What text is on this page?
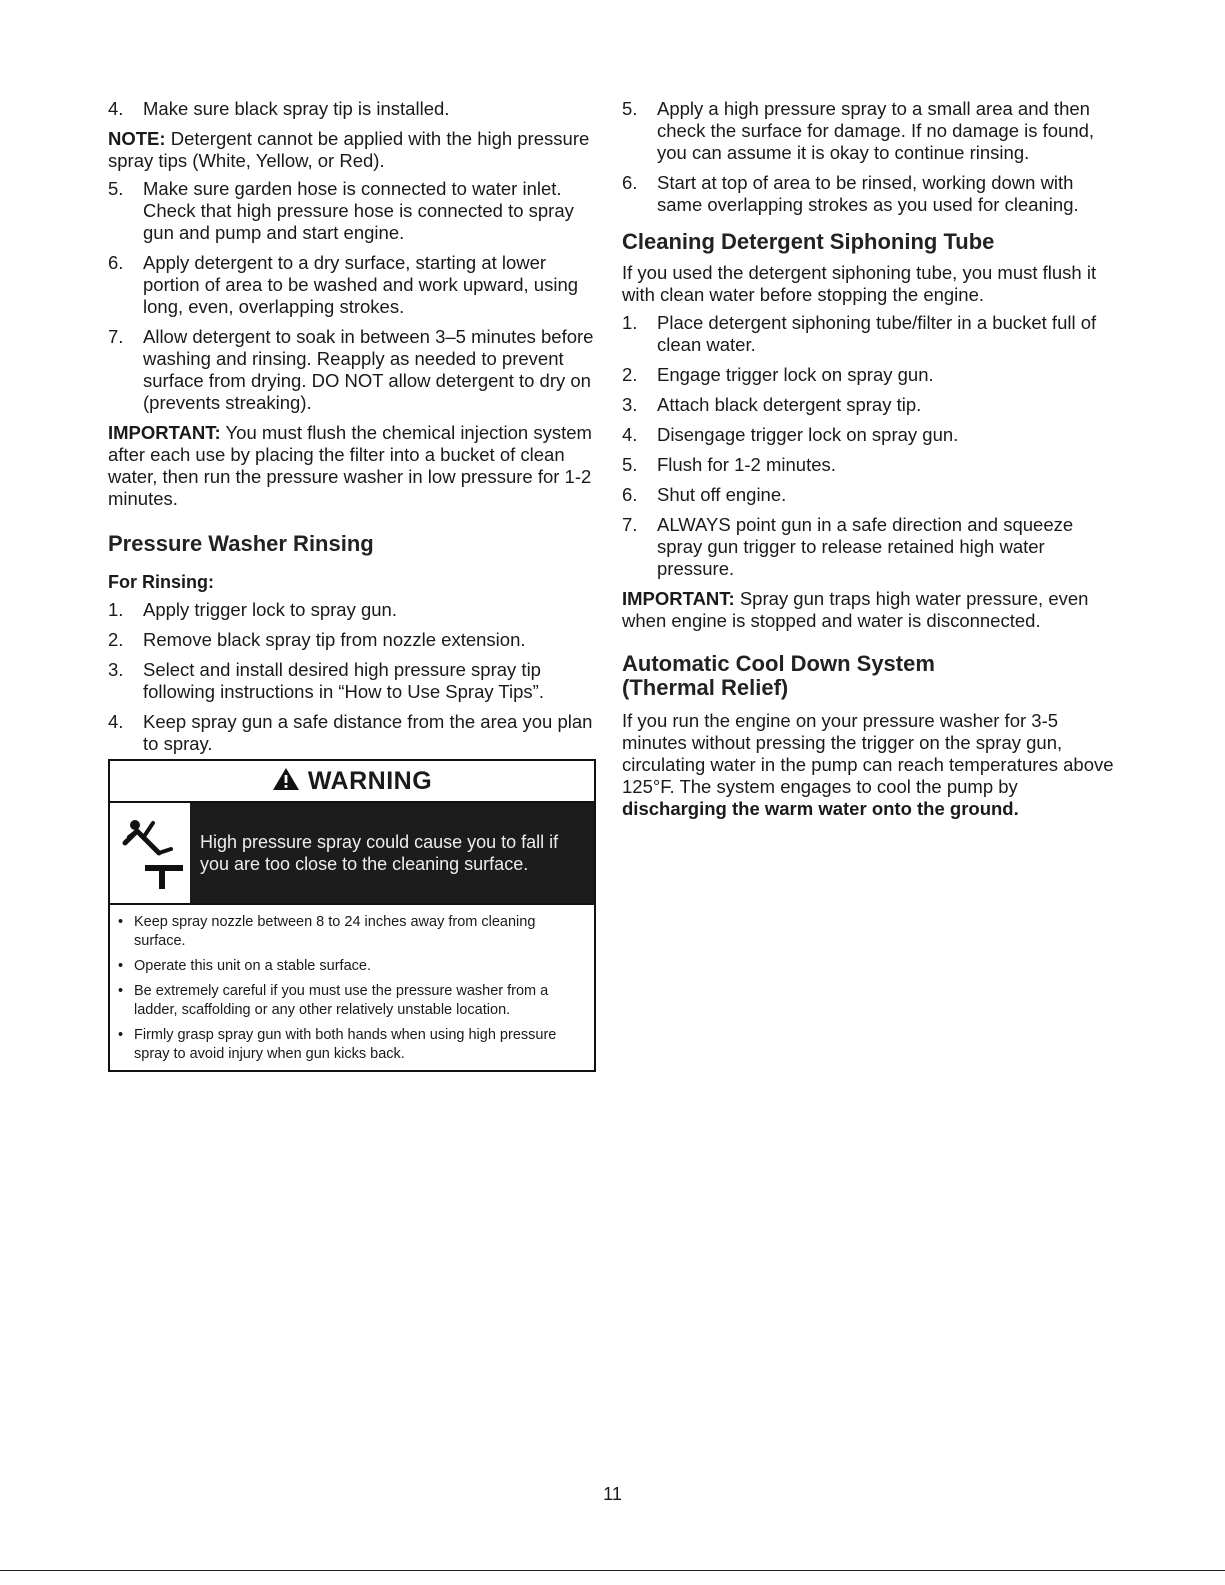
4. Make sure black spray tip is installed.

NOTE: Detergent cannot be applied with the high pressure spray tips (White, Yellow, or Red).

5. Make sure garden hose is connected to water inlet. Check that high pressure hose is connected to spray gun and pump and start engine.
6. Apply detergent to a dry surface, starting at lower portion of area to be washed and work upward, using long, even, overlapping strokes.
7. Allow detergent to soak in between 3–5 minutes before washing and rinsing. Reapply as needed to prevent surface from drying. DO NOT allow detergent to dry on (prevents streaking).

IMPORTANT: You must flush the chemical injection system after each use by placing the filter into a bucket of clean water, then run the pressure washer in low pressure for 1-2 minutes.

Pressure Washer Rinsing
For Rinsing:
1. Apply trigger lock to spray gun.
2. Remove black spray tip from nozzle extension.
3. Select and install desired high pressure spray tip following instructions in “How to Use Spray Tips”.
4. Keep spray gun a safe distance from the area you plan to spray.
WARNING
High pressure spray could cause you to fall if you are too close to the cleaning surface.
• Keep spray nozzle between 8 to 24 inches away from cleaning surface.
• Operate this unit on a stable surface.
• Be extremely careful if you must use the pressure washer from a ladder, scaffolding or any other relatively unstable location.
• Firmly grasp spray gun with both hands when using high pressure spray to avoid injury when gun kicks back.
5. Apply a high pressure spray to a small area and then check the surface for damage. If no damage is found, you can assume it is okay to continue rinsing.
6. Start at top of area to be rinsed, working down with same overlapping strokes as you used for cleaning.
Cleaning Detergent Siphoning Tube

If you used the detergent siphoning tube, you must flush it with clean water before stopping the engine.

1. Place detergent siphoning tube/filter in a bucket full of clean water.
2. Engage trigger lock on spray gun.
3. Attach black detergent spray tip.
4. Disengage trigger lock on spray gun.
5. Flush for 1-2 minutes.
6. Shut off engine.
7. ALWAYS point gun in a safe direction and squeeze spray gun trigger to release retained high water pressure.

IMPORTANT: Spray gun traps high water pressure, even when engine is stopped and water is disconnected.

Automatic Cool Down System
(Thermal Relief)

If you run the engine on your pressure washer for 3-5 minutes without pressing the trigger on the spray gun, circulating water in the pump can reach temperatures above 125°F. The system engages to cool the pump by discharging the warm water onto the ground.

11
